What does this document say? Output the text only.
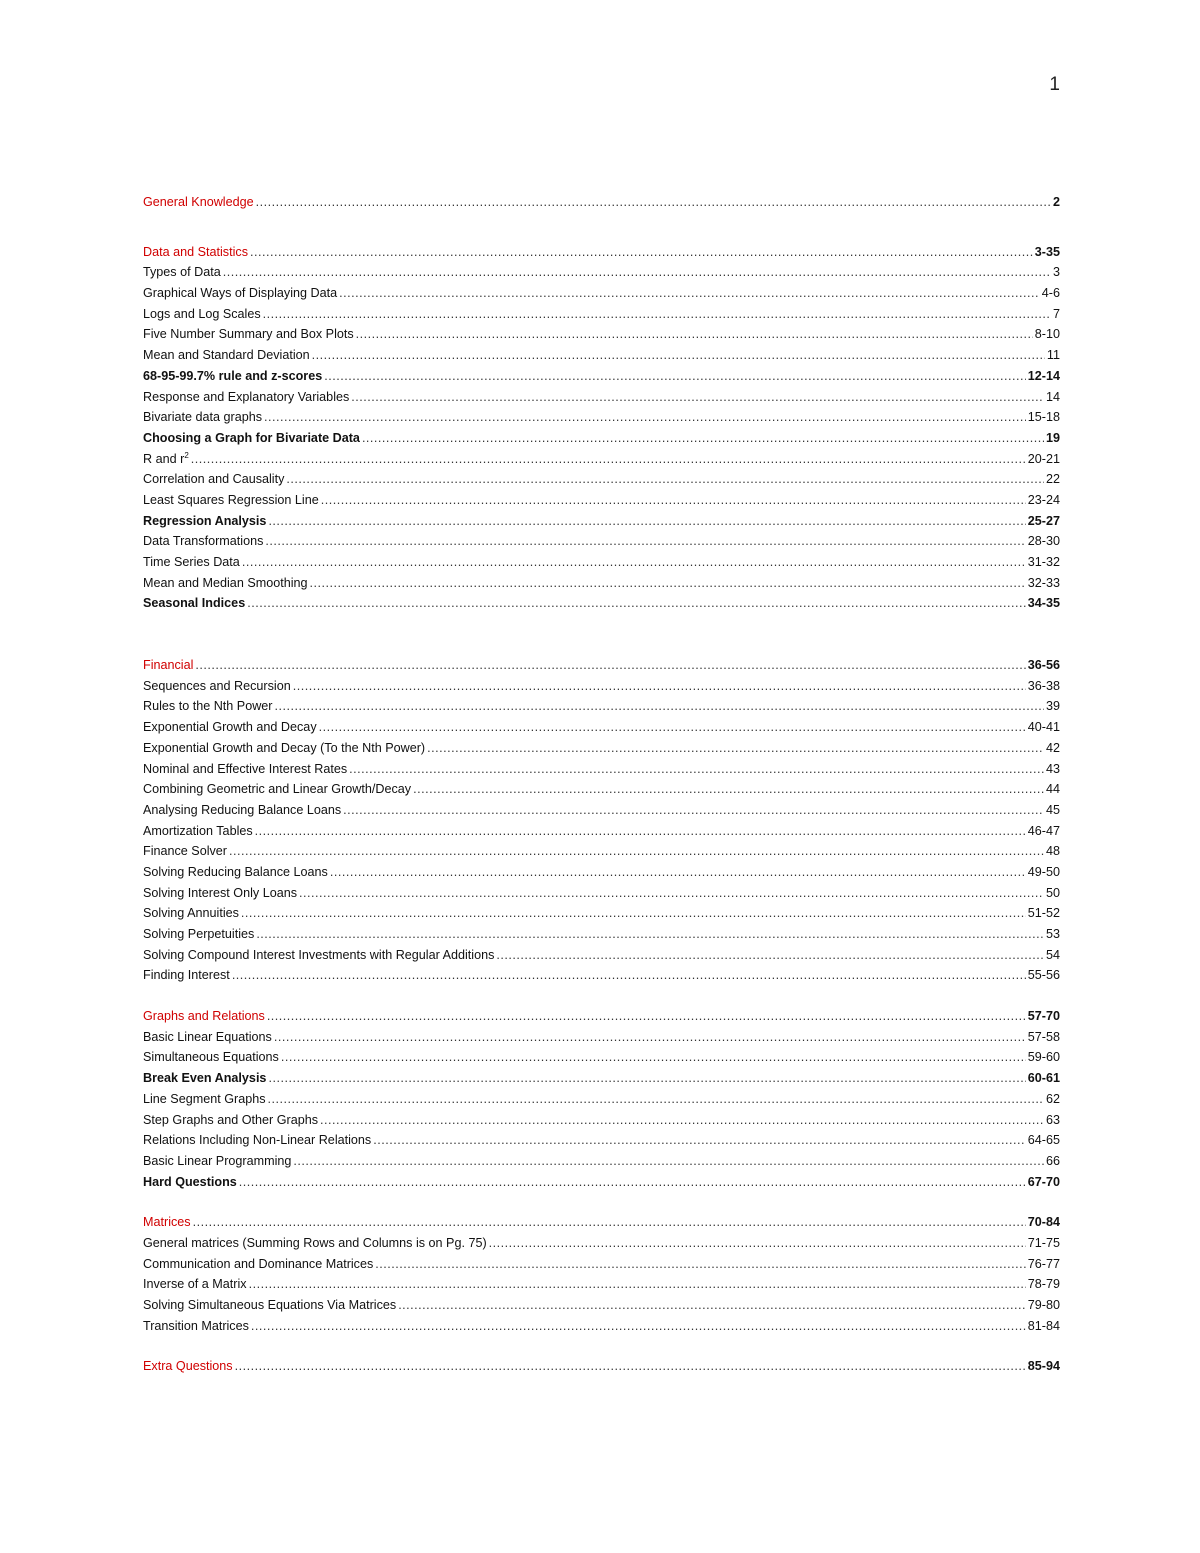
1
General Knowledge .....	2
Data and Statistics .....	3-35
Types of Data .....	3
Graphical Ways of Displaying Data .....	4-6
Logs and Log Scales .....	7
Five Number Summary and Box Plots .....	8-10
Mean and Standard Deviation .....	11
68-95-99.7% rule and z-scores .....	12-14
Response and Explanatory Variables .....	14
Bivariate data graphs .....	15-18
Choosing a Graph for Bivariate Data .....	19
R and $r^2$ .....	20-21
Correlation and Causality .....	22
Least Squares Regression Line .....	23-24
Regression Analysis .....	25-27
Data Transformations .....	28-30
Time Series Data .....	31-32
Mean and Median Smoothing .....	32-33
Seasonal Indices .....	34-35
Financial .....	36-56
Sequences and Recursion .....	36-38
Rules to the Nth Power .....	39
Exponential Growth and Decay .....	40-41
Exponential Growth and Decay (To the Nth Power) .....	42
Nominal and Effective Interest Rates .....	43
Combining Geometric and Linear Growth/Decay .....	44
Analysing Reducing Balance Loans .....	45
Amortization Tables .....	46-47
Finance Solver .....	48
Solving Reducing Balance Loans .....	49-50
Solving Interest Only Loans .....	50
Solving Annuities .....	51-52
Solving Perpetuities .....	53
Solving Compound Interest Investments with Regular Additions .....	54
Finding Interest .....	55-56
Graphs and Relations .....	57-70
Basic Linear Equations .....	57-58
Simultaneous Equations .....	59-60
Break Even Analysis .....	60-61
Line Segment Graphs .....	62
Step Graphs and Other Graphs .....	63
Relations Including Non-Linear Relations .....	64-65
Basic Linear Programming .....	66
Hard Questions .....	67-70
Matrices .....	70-84
General matrices (Summing Rows and Columns is on Pg. 75) .....	71-75
Communication and Dominance Matrices .....	76-77
Inverse of a Matrix .....	78-79
Solving Simultaneous Equations Via Matrices .....	79-80
Transition Matrices .....	81-84
Extra Questions .....	85-94
